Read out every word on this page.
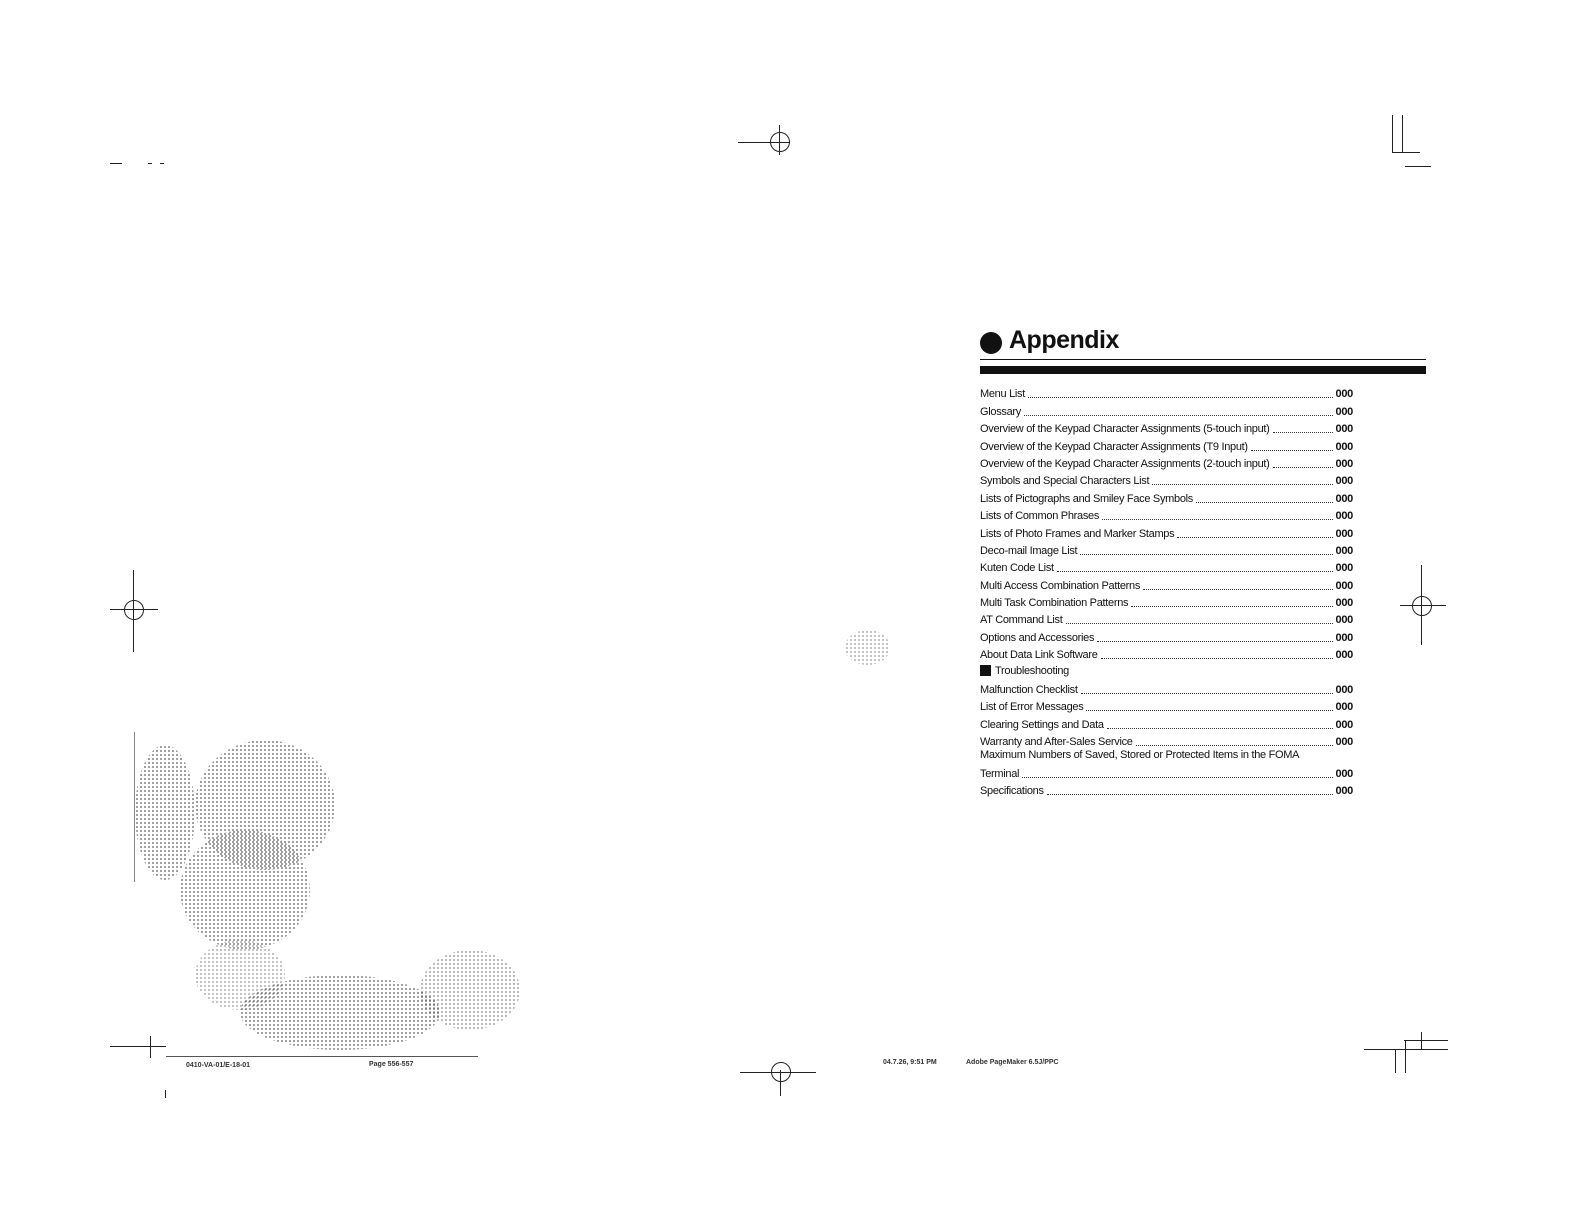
Appendix
Menu List	000
Glossary	000
Overview of the Keypad Character Assignments (5-touch input)	000
Overview of the Keypad Character Assignments (T9 Input)	000
Overview of the Keypad Character Assignments (2-touch input)	000
Symbols and Special Characters List	000
Lists of Pictographs and Smiley Face Symbols	000
Lists of Common Phrases	000
Lists of Photo Frames and Marker Stamps	000
Deco-mail Image List	000
Kuten Code List	000
Multi Access Combination Patterns	000
Multi Task Combination Patterns	000
AT Command List	000
Options and Accessories	000
About Data Link Software	000
Troubleshooting
Malfunction Checklist	000
List of Error Messages	000
Clearing Settings and Data	000
Warranty and After-Sales Service	000
Maximum Numbers of Saved, Stored or Protected Items in the FOMA
Terminal	000
Specifications	000
0410-VA-01/E-18-01	Page 556-557	04.7.26, 9:51 PM	Adobe PageMaker 6.5J/PPC
